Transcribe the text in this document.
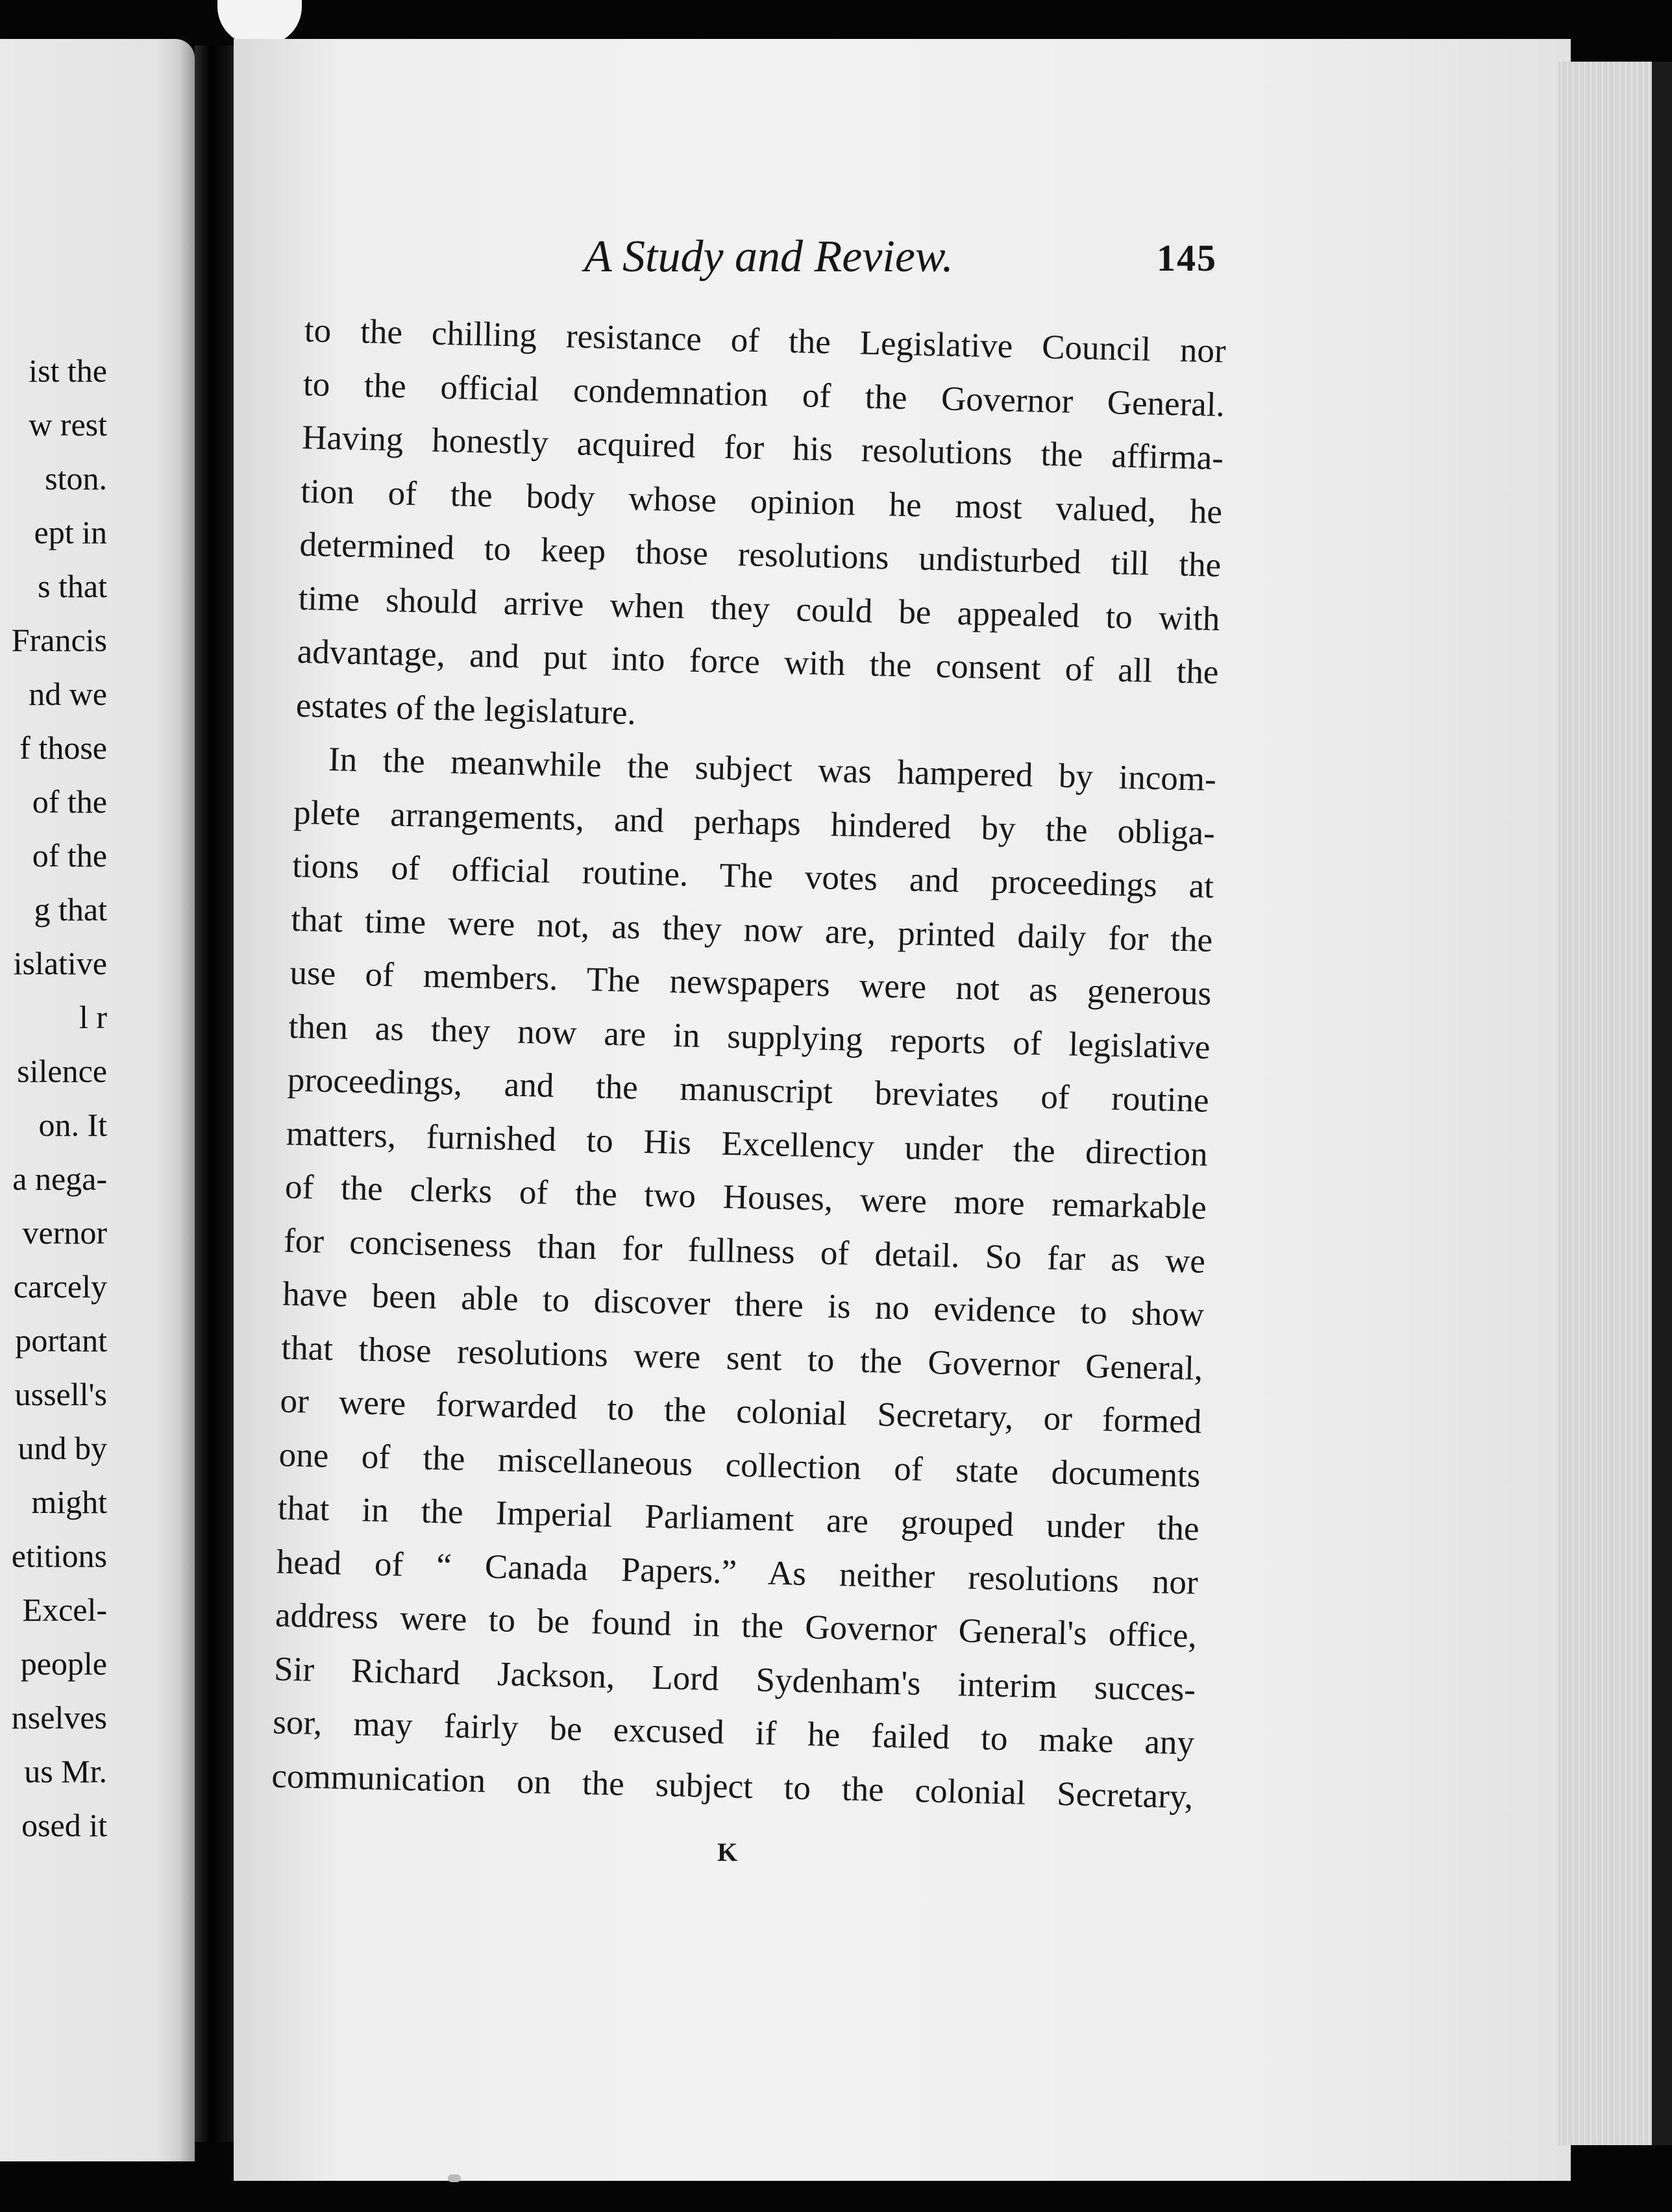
ist the
w rest
ston.
ept in
s that
Francis
nd we
f those
of the
of the
g that
islative
l r
silence
on. It
a nega-
vernor
carcely
portant
ussell's
und by
might
etitions
Excel-
people
nselves
us Mr.
osed it
A Study and Review.	145
to the chilling resistance of the Legislative Council nor
to the official condemnation of the Governor General.
Having honestly acquired for his resolutions the affirma-
tion of the body whose opinion he most valued, he
determined to keep those resolutions undisturbed till the
time should arrive when they could be appealed to with
advantage, and put into force with the consent of all the
estates of the legislature.
In the meanwhile the subject was hampered by incom-
plete arrangements, and perhaps hindered by the obliga-
tions of official routine. The votes and proceedings at
that time were not, as they now are, printed daily for the
use of members. The newspapers were not as generous
then as they now are in supplying reports of legislative
proceedings, and the manuscript breviates of routine
matters, furnished to His Excellency under the direction
of the clerks of the two Houses, were more remarkable
for conciseness than for fullness of detail. So far as we
have been able to discover there is no evidence to show
that those resolutions were sent to the Governor General,
or were forwarded to the colonial Secretary, or formed
one of the miscellaneous collection of state documents
that in the Imperial Parliament are grouped under the
head of “ Canada Papers.” As neither resolutions nor
address were to be found in the Governor General's office,
Sir Richard Jackson, Lord Sydenham's interim succes-
sor, may fairly be excused if he failed to make any
communication on the subject to the colonial Secretary,
K
